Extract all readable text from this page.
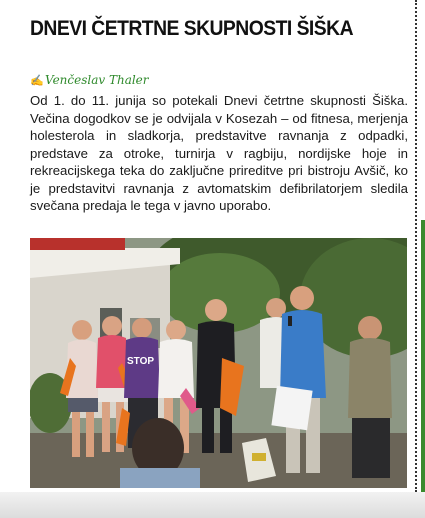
DNEVI ČETRTNE SKUPNOSTI ŠIŠKA
✍Venčeslav Thaler

Od 1. do 11. junija so potekali Dnevi četrtne skupnosti Šiška. Večina dogodkov se je odvijala v Kosezah – od fitnesa, merjenja holesterola in sladkorja, predstavitve ravnanja z odpadki, predstave za otroke, turnirja v ragbiju, nordijske hoje in rekreacijskega teka do zaključne prireditve pri bistroju Avšič, ko je predstavitvi ravnanja z avtomatskim defibrilatorjem sledila svečana predaja le tega v javno uporabo.

STOP
